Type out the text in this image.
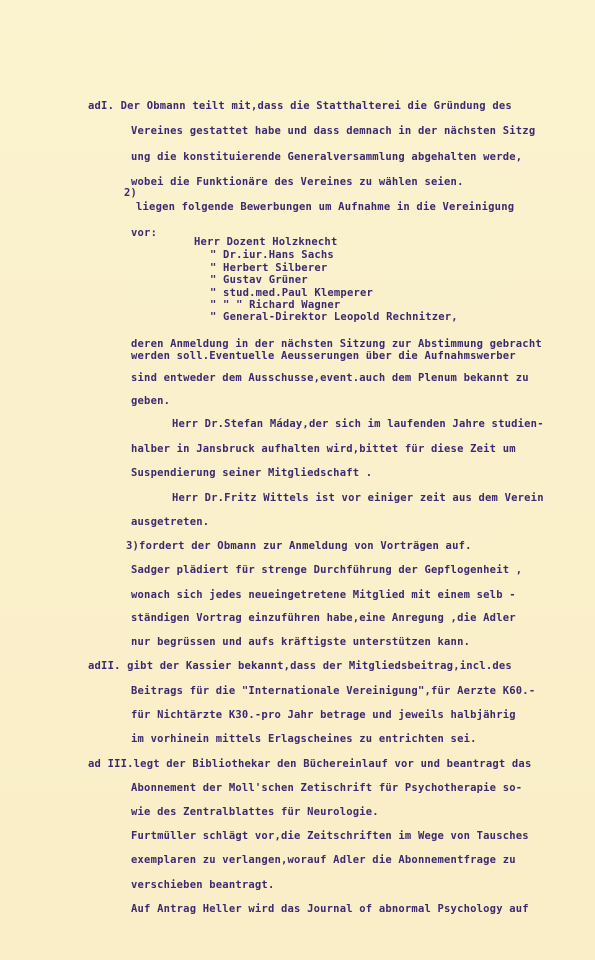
adI. Der Obmann teilt mit,dass die Statthalterei die Gründung des
Vereines gestattet habe und dass demnach in der nächsten Sitzg
ung die konstituierende Generalversammlung abgehalten werde,
wobei die Funktionäre des Vereines zu wählen seien.
2)
liegen folgende Bewerbungen um Aufnahme in die Vereinigung
vor:
Herr Dozent Holzknecht
" Dr.iur.Hans Sachs
" Herbert Silberer
" Gustav Grüner
" stud.med.Paul Klemperer
" " " Richard Wagner
" General-Direktor Leopold Rechnitzer,
deren Anmeldung in der nächsten Sitzung zur Abstimmung gebracht
werden soll.Eventuelle Aeusserungen über die Aufnahmswerber
sind entweder dem Ausschusse,event.auch dem Plenum bekannt zu
geben.
Herr Dr.Stefan Máday,der sich im laufenden Jahre studien-
halber in Jansbruck aufhalten wird,bittet für diese Zeit um
Suspendierung seiner Mitgliedschaft .
Herr Dr.Fritz Wittels ist vor einiger zeit aus dem Verein
ausgetreten.
3)fordert der Obmann zur Anmeldung von Vorträgen auf.
Sadger plädiert für strenge Durchführung der Gepflogenheit ,
wonach sich jedes neueingetretene Mitglied mit einem selb -
ständigen Vortrag einzuführen habe,eine Anregung ,die Adler
nur begrüssen und aufs kräftigste unterstützen kann.
adII. gibt der Kassier bekannt,dass der Mitgliedsbeitrag,incl.des
Beitrags für die "Internationale Vereinigung",für Aerzte K60.-
für Nichtärzte K30.-pro Jahr betrage und jeweils halbjährig
im vorhinein mittels Erlagscheines zu entrichten sei.
ad III.legt der Bibliothekar den Büchereinlauf vor und beantragt das
Abonnement der Moll'schen Zetischrift für Psychotherapie so-
wie des Zentralblattes für Neurologie.
Furtmüller schlägt vor,die Zeitschriften im Wege von Tausches
exemplaren zu verlangen,worauf Adler die Abonnementfrage zu
verschieben beantragt.
Auf Antrag Heller wird das Journal of abnormal Psychology auf
